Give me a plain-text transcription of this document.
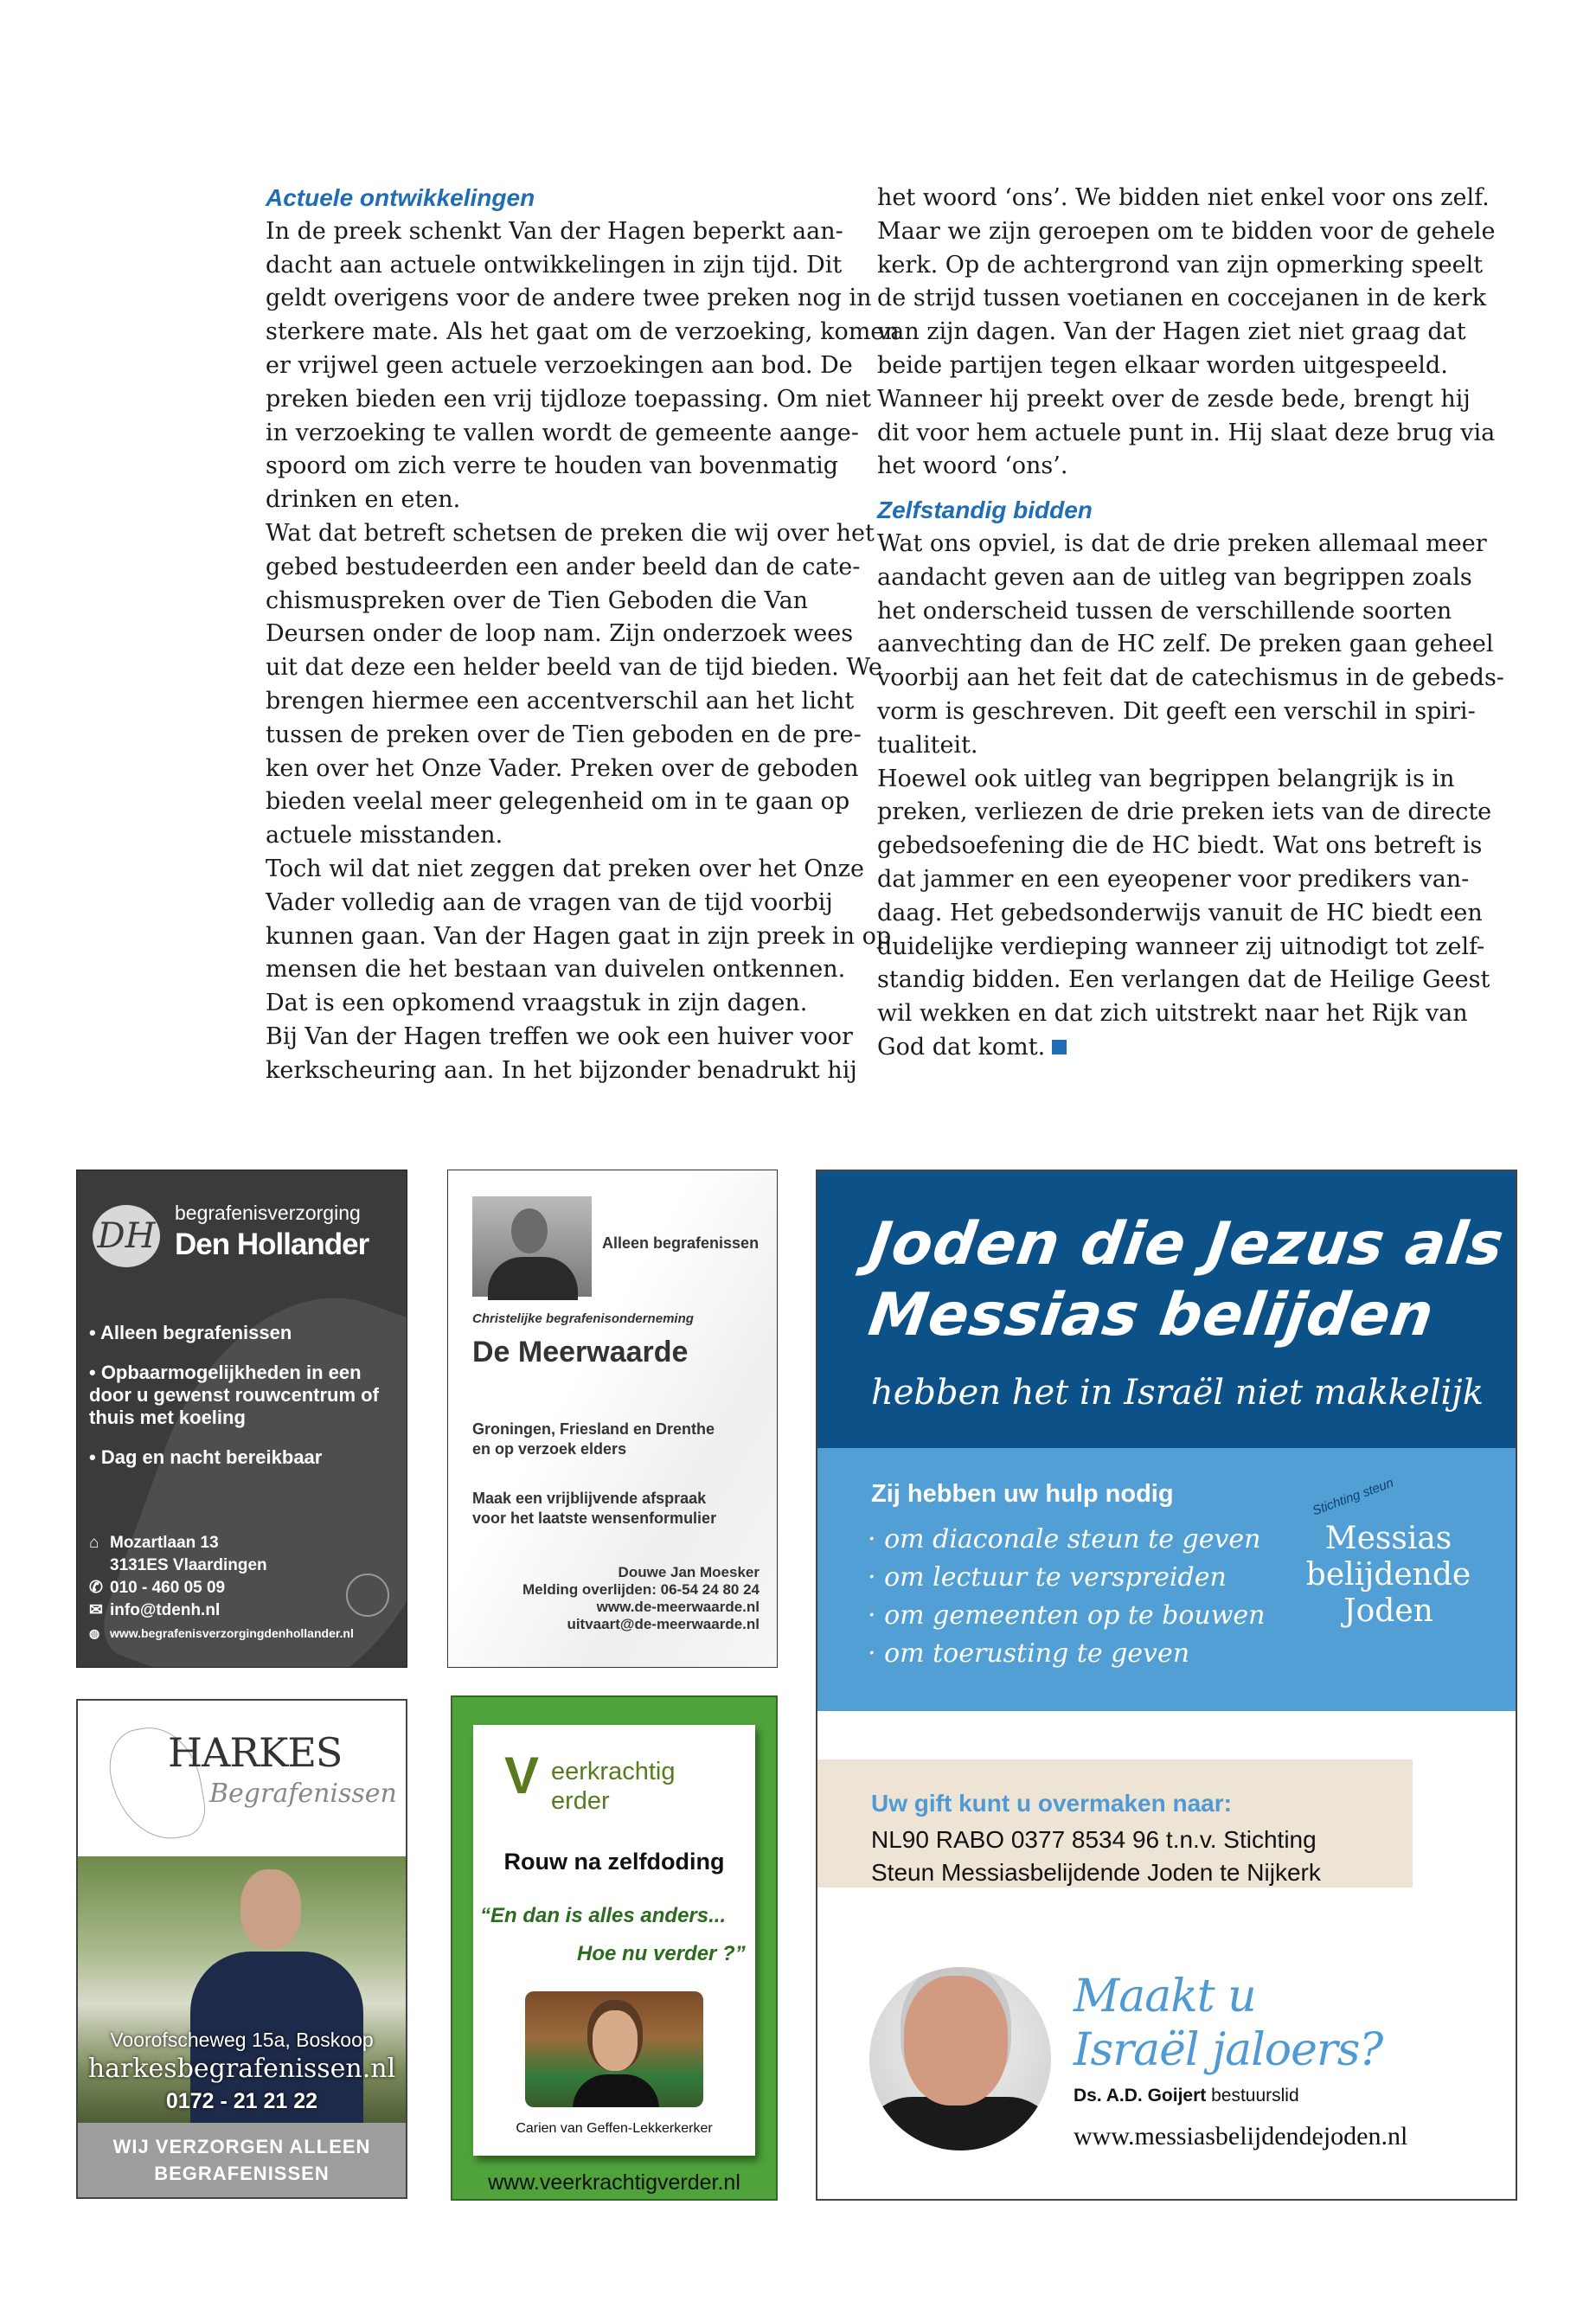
Actuele ontwikkelingen
In de preek schenkt Van der Hagen beperkt aan-
dacht aan actuele ontwikkelingen in zijn tijd. Dit
geldt overigens voor de andere twee preken nog in
sterkere mate. Als het gaat om de verzoeking, komen
er vrijwel geen actuele verzoekingen aan bod. De
preken bieden een vrij tijdloze toepassing. Om niet
in verzoeking te vallen wordt de gemeente aange-
spoord om zich verre te houden van bovenmatig
drinken en eten.
Wat dat betreft schetsen de preken die wij over het
gebed bestudeerden een ander beeld dan de cate-
chismuspreken over de Tien Geboden die Van
Deursen onder de loop nam. Zijn onderzoek wees
uit dat deze een helder beeld van de tijd bieden. We
brengen hiermee een accentverschil aan het licht
tussen de preken over de Tien geboden en de pre-
ken over het Onze Vader. Preken over de geboden
bieden veelal meer gelegenheid om in te gaan op
actuele misstanden.
Toch wil dat niet zeggen dat preken over het Onze
Vader volledig aan de vragen van de tijd voorbij
kunnen gaan. Van der Hagen gaat in zijn preek in op
mensen die het bestaan van duivelen ontkennen.
Dat is een opkomend vraagstuk in zijn dagen.
Bij Van der Hagen treffen we ook een huiver voor
kerkscheuring aan. In het bijzonder benadrukt hij
het woord ‘ons’. We bidden niet enkel voor ons zelf.
Maar we zijn geroepen om te bidden voor de gehele
kerk. Op de achtergrond van zijn opmerking speelt
de strijd tussen voetianen en coccejanen in de kerk
van zijn dagen. Van der Hagen ziet niet graag dat
beide partijen tegen elkaar worden uitgespeeld.
Wanneer hij preekt over de zesde bede, brengt hij
dit voor hem actuele punt in. Hij slaat deze brug via
het woord ‘ons’.

Zelfstandig bidden
Wat ons opviel, is dat de drie preken allemaal meer
aandacht geven aan de uitleg van begrippen zoals
het onderscheid tussen de verschillende soorten
aanvechting dan de HC zelf. De preken gaan geheel
voorbij aan het feit dat de catechismus in de gebeds-
vorm is geschreven. Dit geeft een verschil in spiri-
tualiteit.
Hoewel ook uitleg van begrippen belangrijk is in
preken, verliezen de drie preken iets van de directe
gebedsoefening die de HC biedt. Wat ons betreft is
dat jammer en een eyeopener voor predikers van-
daag. Het gebedsonderwijs vanuit de HC biedt een
duidelijke verdieping wanneer zij uitnodigt tot zelf-
standig bidden. Een verlangen dat de Heilige Geest
wil wekken en dat zich uitstrekt naar het Rijk van
God dat komt.
DH
begrafenisverzorging
Den Hollander
• Alleen begrafenissen
• Opbaarmogelijkheden in een door u gewenst rouwcentrum of thuis met koeling
• Dag en nacht bereikbaar
⌂ Mozartlaan 13
3131ES Vlaardingen
✆ 010 - 460 05 09
✉ info@tdenh.nl
◍ www.begrafenisverzorgingdenhollander.nl
Alleen begrafenissen
Christelijke begrafenisonderneming
De Meerwaarde
Groningen, Friesland en Drenthe
en op verzoek elders
Maak een vrijblijvende afspraak
voor het laatste wensenformulier
Douwe Jan Moesker
Melding overlijden: 06-54 24 80 24
www.de-meerwaarde.nl
uitvaart@de-meerwaarde.nl
HARKES
Begrafenissen
Voorofscheweg 15a, Boskoop
harkesbegrafenissen.nl
0172 - 21 21 22
WIJ VERZORGEN ALLEEN
BEGRAFENISSEN
V eerkrachtig
erder
Rouw na zelfdoding
“En dan is alles anders...
Hoe nu verder ?”
Carien van Geffen-Lekkerkerker
www.veerkrachtigverder.nl
Joden die Jezus als
Messias belijden
hebben het in Israël niet makkelijk
Zij hebben uw hulp nodig
· om diaconale steun te geven
· om lectuur te verspreiden
· om gemeenten op te bouwen
· om toerusting te geven
Stichting steun
Messias
belijdende
Joden
Uw gift kunt u overmaken naar:
NL90 RABO 0377 8534 96 t.n.v. Stichting
Steun Messiasbelijdende Joden te Nijkerk
Maakt u
Israël jaloers?
Ds. A.D. Goijert bestuurslid
www.messiasbelijdendejoden.nl
